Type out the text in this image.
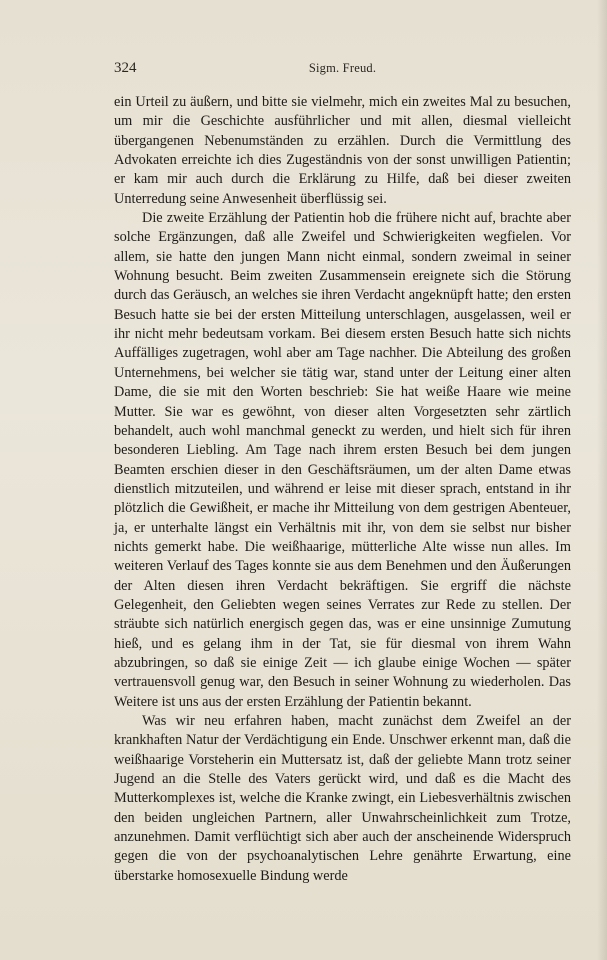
324	Sigm. Freud.

ein Urteil zu äußern, und bitte sie vielmehr, mich ein zweites Mal zu besuchen, um mir die Geschichte ausführlicher und mit allen, diesmal vielleicht übergangenen Nebenumständen zu erzählen. Durch die Vermittlung des Advokaten erreichte ich dies Zugeständnis von der sonst unwilligen Patientin; er kam mir auch durch die Erklärung zu Hilfe, daß bei dieser zweiten Unterredung seine Anwesenheit überflüssig sei.

Die zweite Erzählung der Patientin hob die frühere nicht auf, brachte aber solche Ergänzungen, daß alle Zweifel und Schwierigkeiten wegfielen. Vor allem, sie hatte den jungen Mann nicht einmal, sondern zweimal in seiner Wohnung besucht. Beim zweiten Zusammensein ereignete sich die Störung durch das Geräusch, an welches sie ihren Verdacht angeknüpft hatte; den ersten Besuch hatte sie bei der ersten Mitteilung unterschlagen, ausgelassen, weil er ihr nicht mehr bedeutsam vorkam. Bei diesem ersten Besuch hatte sich nichts Auffälliges zugetragen, wohl aber am Tage nachher. Die Abteilung des großen Unternehmens, bei welcher sie tätig war, stand unter der Leitung einer alten Dame, die sie mit den Worten beschrieb: Sie hat weiße Haare wie meine Mutter. Sie war es gewöhnt, von dieser alten Vorgesetzten sehr zärtlich behandelt, auch wohl manchmal geneckt zu werden, und hielt sich für ihren besonderen Liebling. Am Tage nach ihrem ersten Besuch bei dem jungen Beamten erschien dieser in den Geschäftsräumen, um der alten Dame etwas dienstlich mitzuteilen, und während er leise mit dieser sprach, entstand in ihr plötzlich die Gewißheit, er mache ihr Mitteilung von dem gestrigen Abenteuer, ja, er unterhalte längst ein Verhältnis mit ihr, von dem sie selbst nur bisher nichts gemerkt habe. Die weißhaarige, mütterliche Alte wisse nun alles. Im weiteren Verlauf des Tages konnte sie aus dem Benehmen und den Äußerungen der Alten diesen ihren Verdacht bekräftigen. Sie ergriff die nächste Gelegenheit, den Geliebten wegen seines Verrates zur Rede zu stellen. Der sträubte sich natürlich energisch gegen das, was er eine unsinnige Zumutung hieß, und es gelang ihm in der Tat, sie für diesmal von ihrem Wahn abzubringen, so daß sie einige Zeit — ich glaube einige Wochen — später vertrauensvoll genug war, den Besuch in seiner Wohnung zu wiederholen. Das Weitere ist uns aus der ersten Erzählung der Patientin bekannt.

Was wir neu erfahren haben, macht zunächst dem Zweifel an der krankhaften Natur der Verdächtigung ein Ende. Unschwer erkennt man, daß die weißhaarige Vorsteherin ein Muttersatz ist, daß der geliebte Mann trotz seiner Jugend an die Stelle des Vaters gerückt wird, und daß es die Macht des Mutterkomplexes ist, welche die Kranke zwingt, ein Liebesverhältnis zwischen den beiden ungleichen Partnern, aller Unwahrscheinlichkeit zum Trotze, anzunehmen. Damit verflüchtigt sich aber auch der anscheinende Widerspruch gegen die von der psychoanalytischen Lehre genährte Erwartung, eine überstarke homosexuelle Bindung werde
